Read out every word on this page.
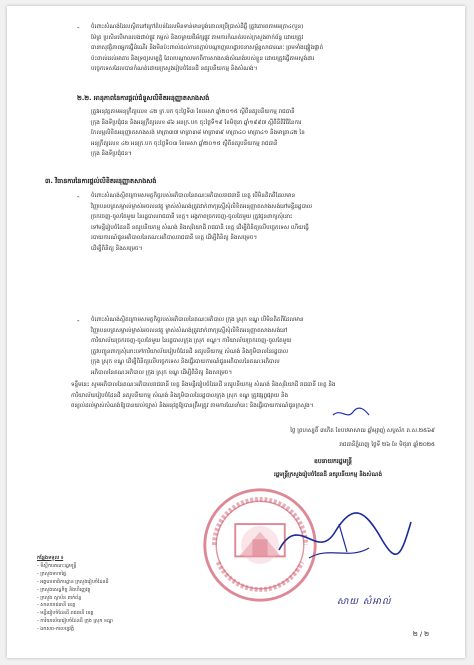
- ចំពោះសំណង់ដែលស្ថិតនៅក្រៅតំបន់ដែលមិនទាន់មានប្លង់គោលប្រើប្រាស់ដីធ្លី ត្រូវគោរពតាមអត្រា៤(បួន)

ម៉ែត្រ ប្រសិនបើមានរបងជាប់ផ្លូវ កម្ពស់ និងចម្ងាយពីអ័ក្សផ្លូវ តាមការកំណត់របស់ក្រសួងពាក់ព័ន្ធ ដោយត្រូវ

ធានាសុវត្ថិភាពអ្នកធ្វើដំណើរ និងមិនប៉ះពាល់ដល់ការតភ្ជាប់បណ្តាញហេដ្ឋារចនាសម្ព័ន្ធសាធារណៈ ព្រមទាំងផ្ទៀងផ្ទាត់

ប៉ះពាល់ដល់អាគារ និងទ្រព្យសម្បត្តិ ដែលបណ្តាលមកពីការសាងសង់សំណង់របស់ខ្លួន ដោយត្រូវធ្វើតាមស្តង់ដារ

បច្ចេកទេសដែលបានកំណត់ដោយក្រសួងរៀបចំដែនដី នគរូបនីយកម្ម និងសំណង់។

២.២. អានុភាពនៃការផ្តល់ជំនួសលិខិតអនុញ្ញាតសាងសង់

ត្រូវអនុវត្តតាមអនុក្រឹត្យលេខ ៤២ ក្រ.បក ចុះថ្ងៃទី៣ ខែមេសា ឆ្នាំ២០១៥ ស្តីពីនគរូបនីយកម្ម រាជធានី

ក្រុង និងទីប្រជុំជន និងអនុក្រឹត្យលេខ ៨៦ អនក្រ.បក ចុះថ្ងៃទី១៩ ខែមិថុនា ឆ្នាំ១៩៩៧ ស្តីពីនីតិវិធីនៃការ

កែលម្អលិខិតអនុញ្ញាតសាងសង់ មាត្រា៣៧ មាត្រា៣៨ មាត្រា៣៩ មាត្រា៤០ មាត្រា៤១ និងមាត្រា៤២ នៃ

អនុក្រឹត្យលេខ ៤២ អនក្រ.បក ចុះថ្ងៃទី០៣ ខែមេសា ឆ្នាំ២០១៥ ស្តីពីនគរូបនីយកម្ម រាជធានី

ក្រុង និងទីប្រជុំជន។

៣. វិធានការនៃការផ្តល់លិខិតអនុញ្ញាតសាងសង់
- ចំពោះសំណង់ស្ថិតក្រោមសមត្ថកិច្ចរបស់អភិបាលនៃគណៈអភិបាលរាជធានី ខេត្ត បើមិនគិតពីដែលមាន

វិញ្ញាបនបត្រសម្គាល់ម្ចាស់អចលនវត្ថុ ម្ចាស់សំណង់ត្រូវដាក់ពាក្យស្នើសុំលិខិតអនុញ្ញាតសាងសង់នៅមន្ទីររដ្ឋបាល

ច្រកចេញ-ចូលតែមួយ នៃរដ្ឋបាលរាជធានី ខេត្ត។ អង្គភាពច្រកចេញ-ចូលតែមួយ ត្រូវជូនពាក្យសុំនោះ

ទៅមន្ទីរៀបចំដែនដី នគរូបនីយកម្ម សំណង់ និងសុរិយោដី រាជធានី ខេត្ត ដើម្បីពិនិត្យលើបច្ចេកទេស ហើយធ្វើ

របាយការណ៍ជូនអភិបាលនៃគណៈអភិបាលរាជធានី ខេត្ត ដើម្បីពិនិត្យ និងសម្រេច។

ដើម្បីពិនិត្យ និងសម្រេច។

- ចំពោះសំណង់ស្ថិតក្រោមសមត្ថកិច្ចរបស់អភិបាលនៃគណៈអភិបាល ក្រុង ស្រុក ខណ្ឌ បើមិនគិតពីដែលមាន

វិញ្ញាបនបត្រសម្គាល់ម្ចាស់អចលនវត្ថុ ម្ចាស់សំណង់ត្រូវដាក់ពាក្យស្នើសុំលិខិតអនុញ្ញាតសាងសង់នៅ

ការិយាល័យច្រកចេញ-ចូលតែមួយ នៃរដ្ឋបាលក្រុង ស្រុក ខណ្ឌ។ ការិយាល័យច្រកចេញ-ចូលតែមួយ

ត្រូវបញ្ជូនពាក្យសុំនោះទៅការិយាល័យរៀបចំដែនដី នគរូបនីយកម្ម សំណង់ និងភូមិបាលនៃរដ្ឋបាល

ក្រុង ស្រុក ខណ្ឌ ដើម្បីពិនិត្យលើបច្ចេកទេស និងធ្វើរបាយការណ៍ជូនអភិបាលនៃគណៈអភិបាល

អភិបាលនៃគណៈអភិបាល ក្រុង ស្រុក ខណ្ឌ ដើម្បីពិនិត្យ និងសម្រេច។

ទន្ទឹមនេះ សូមអភិបាលនៃគណៈអភិបាលរាជធានី ខេត្ត និងមន្ទីររៀបចំដែនដី នគរូបនីយកម្ម សំណង់ និងសុរិយោដី រាជធានី ខេត្ត និង

ការិយាល័យរៀបចំដែនដី នគរូបនីយកម្ម សំណង់ និងភូមិបាលនៃរដ្ឋបាលក្រុង ស្រុក ខណ្ឌ ត្រូវផ្សព្វផ្សាយ និង

ពន្យល់ដល់ម្ចាស់សំណង់ឱ្យបានយល់ច្បាស់ និងអនុវត្តឱ្យបានត្រឹមត្រូវ តាមការណែនាំនេះ និងធ្វើរបាយការណ៍ជូនក្រសួង។

ថ្ងៃ ព្រហស្បតិ៍ ៣កើត ខែបឋមាសាឍ ឆ្នាំម្សាញ់ សប្តស័ក ព.ស.២៥៦៩
រាជធានីភ្នំពេញ ថ្ងៃទី ២៦ ខែ មិថុនា ឆ្នាំ២០២៥
ឧបនាយករដ្ឋមន្ត្រី
រដ្ឋមន្ត្រីក្រសួងរៀបចំដែនដី នគរូបនីយកម្ម និងសំណង់
សាយ សំអាល់
កន្លែងទទួល ៖
- ទីស្តីការគណៈរដ្ឋមន្ត្រី
- ក្រសួងមហាផ្ទៃ
- អគ្គលេខាធិការដ្ឋាន ក្រសួងរៀបចំដែនដី
- ក្រសួងសេដ្ឋកិច្ច និងហិរញ្ញវត្ថុ
- ក្រសួង ស្ថាប័ន ពាក់ព័ន្ធ
- សាលារាជធានី ខេត្ត
- មន្ទីររៀបចំដែនដី រាជធានី ខេត្ត
- ការិយាល័យរៀបចំដែនដី ក្រុង ស្រុក ខណ្ឌ
- ឯកសារ-កាលប្បវត្តិ
២ / ២
